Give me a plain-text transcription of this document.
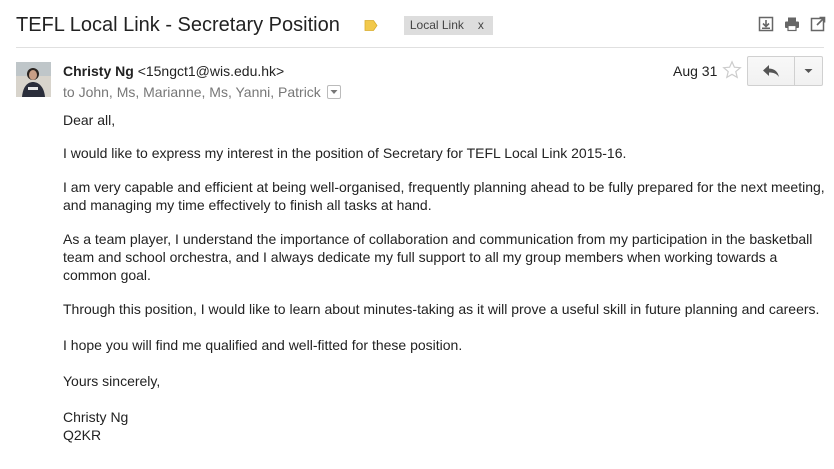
TEFL Local Link - Secretary Position	Local Link x
Christy Ng <15ngct1@wis.edu.hk>
to John, Ms, Marianne, Ms, Yanni, Patrick
Aug 31
Dear all,
I would like to express my interest in the position of Secretary for TEFL Local Link 2015-16.
I am very capable and efficient at being well-organised, frequently planning ahead to be fully prepared for the next meeting,
and managing my time effectively to finish all tasks at hand.
As a team player, I understand the importance of collaboration and communication from my participation in the basketball
team and school orchestra, and I always dedicate my full support to all my group members when working towards a
common goal.
Through this position, I would like to learn about minutes-taking as it will prove a useful skill in future planning and careers.
I hope you will find me qualified and well-fitted for these position.
Yours sincerely,
Christy Ng
Q2KR
